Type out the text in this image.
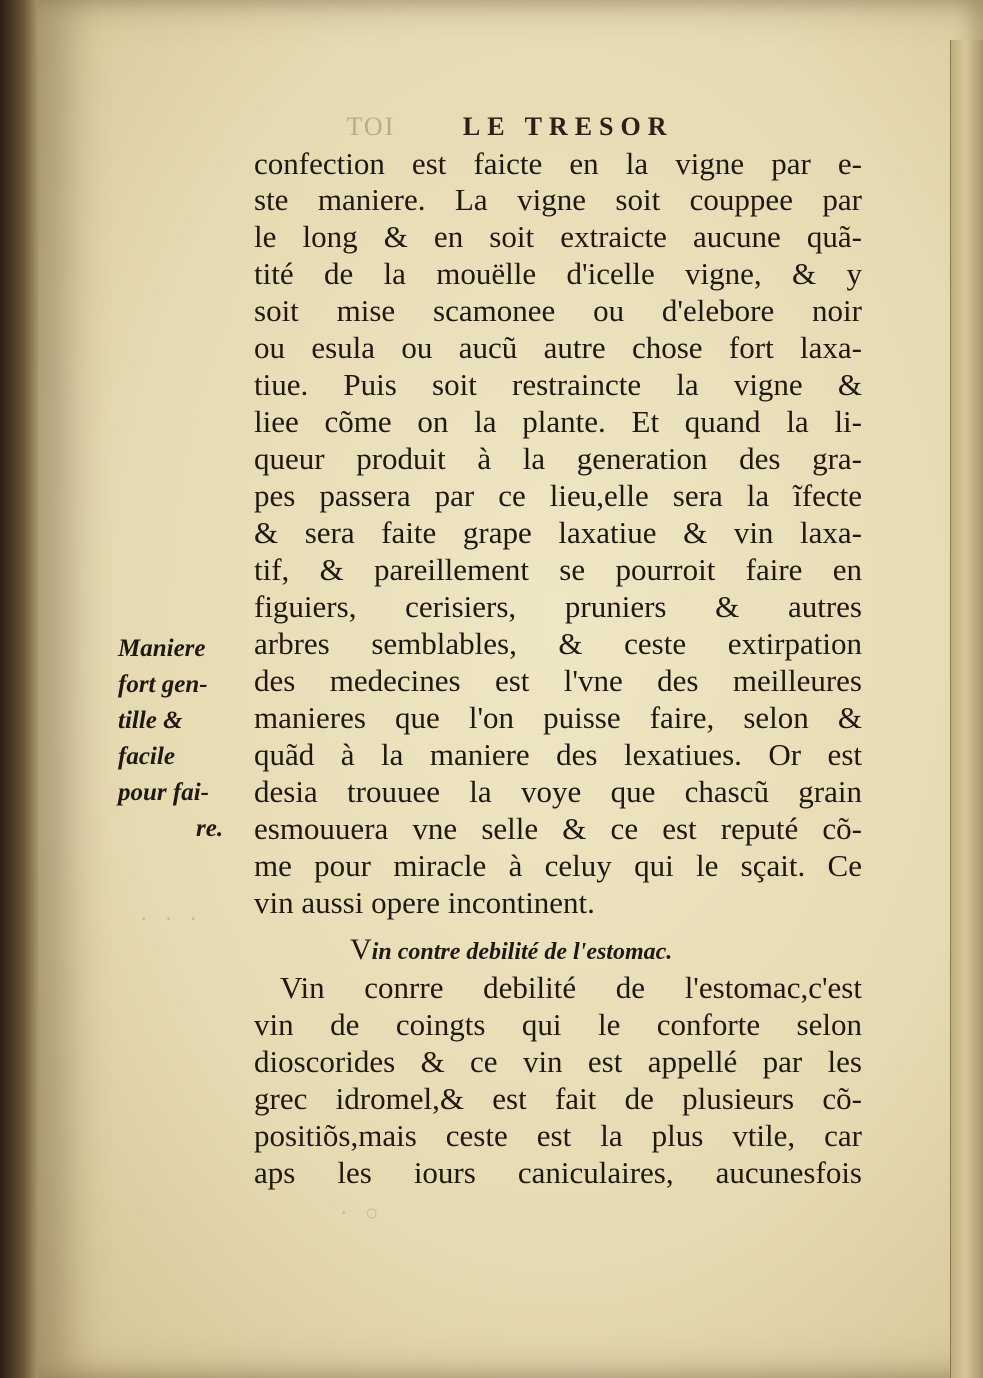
TOI	LE TRESOR
confection est faicte en la vigne par e-
ste maniere. La vigne soit couppee par
le long & en soit extraicte aucune quã-
tité de la mouëlle d'icelle vigne, & y
soit mise scamonee ou d'elebore noir
ou esula ou aucũ autre chose fort laxa-
tiue. Puis soit restraincte la vigne &
liee cõme on la plante. Et quand la li-
queur produit à la generation des gra-
pes passera par ce lieu,elle sera la ĩfecte
& sera faite grape laxatiue & vin laxa-
tif, & pareillement se pourroit faire en
figuiers, cerisiers, pruniers & autres
arbres semblables, & ceste extirpation
des medecines est l'vne des meilleures
manieres que l'on puisse faire, selon &
quãd à la maniere des lexatiues. Or est
desia trouuee la voye que chascũ grain
esmouuera vne selle & ce est reputé cõ-
me pour miracle à celuy qui le sçait. Ce
vin aussi opere incontinent.
Vin contre debilité de l'estomac.
Vin conrre debilité de l'estomac,c'est
vin de coingts qui le conforte selon
dioscorides & ce vin est appellé par les
grec idromel,& est fait de plusieurs cõ-
positiõs,mais ceste est la plus vtile, car
aps les iours caniculaires, aucunesfois
Maniere
fort gen-
tille &
facile
pour fai-
re.
· · ·
· ○
